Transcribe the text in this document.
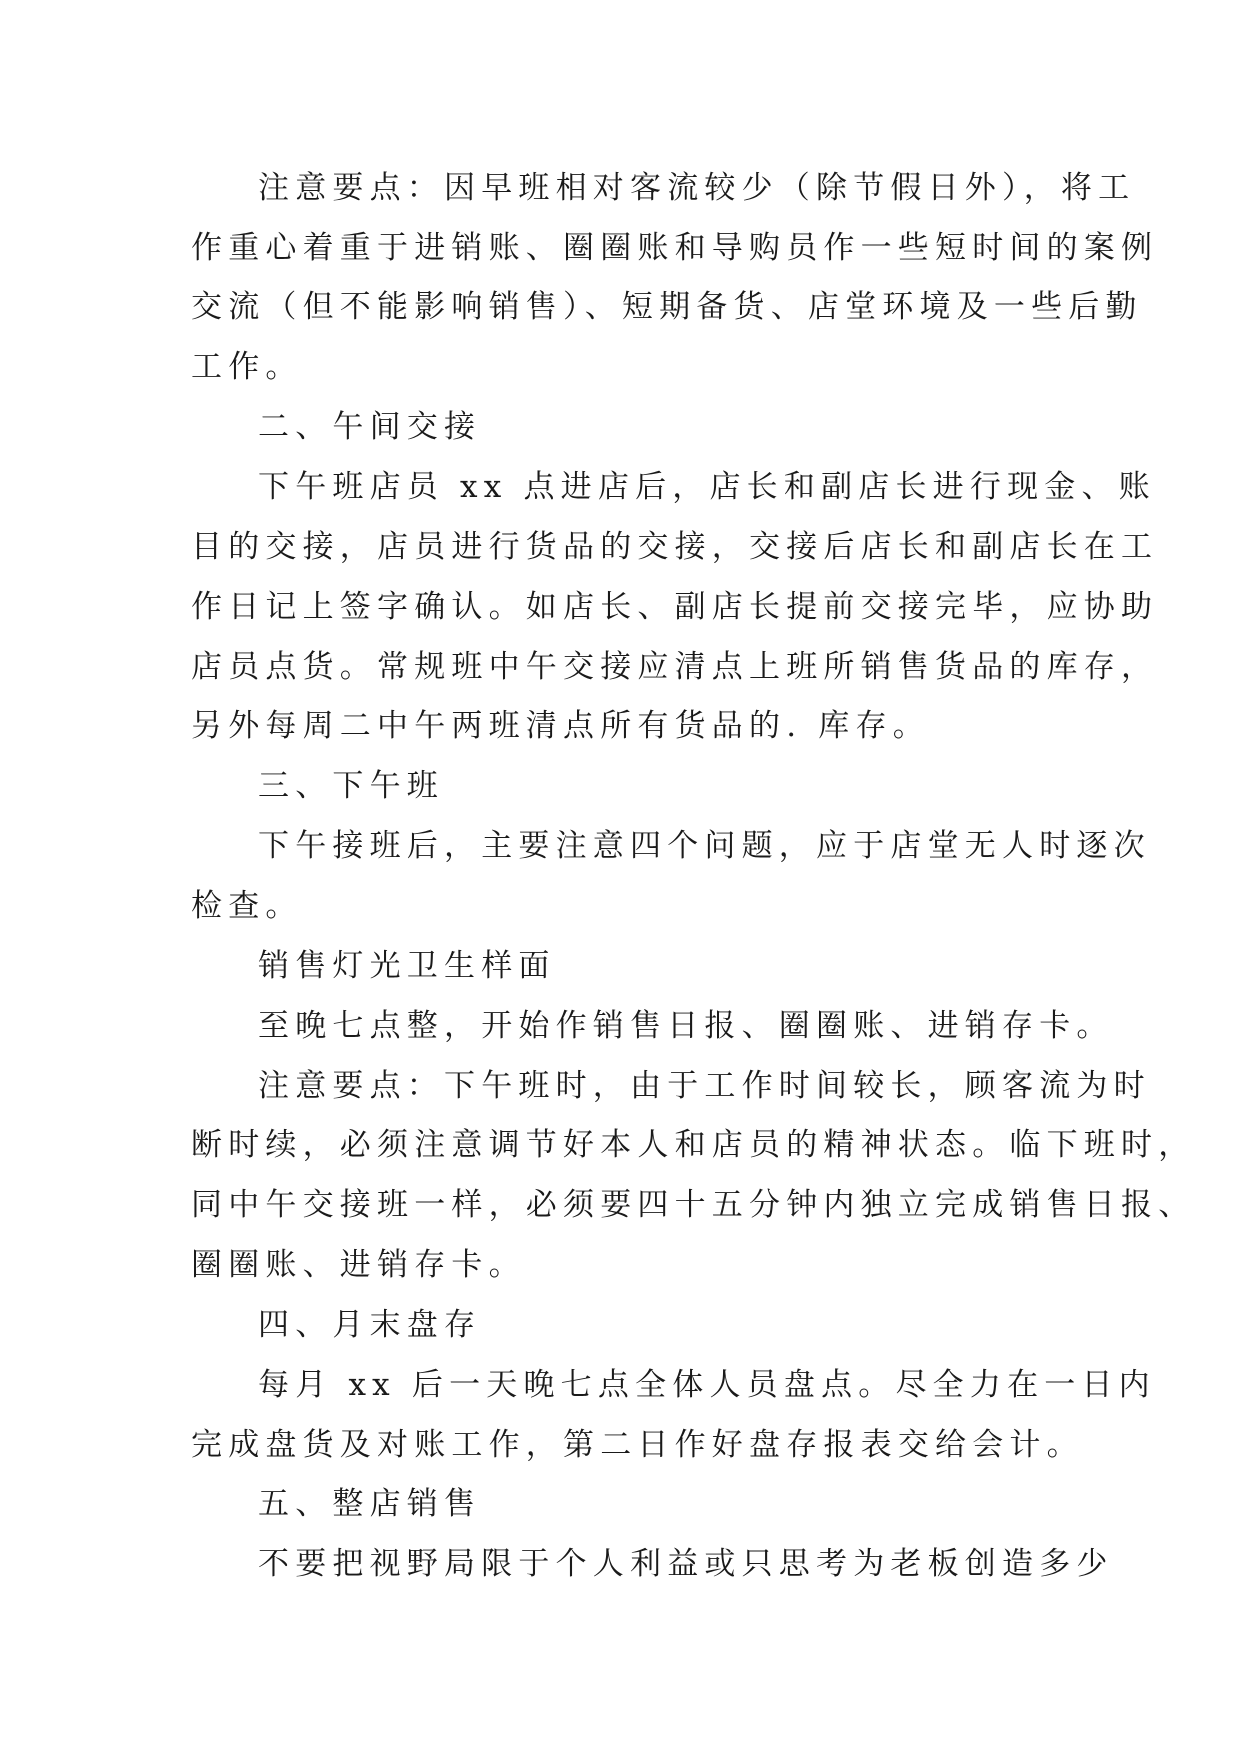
注意要点：因早班相对客流较少（除节假日外），将工
作重心着重于进销账、圈圈账和导购员作一些短时间的案例
交流（但不能影响销售）、短期备货、店堂环境及一些后勤
工作。
二、午间交接
下午班店员 xx 点进店后，店长和副店长进行现金、账
目的交接，店员进行货品的交接，交接后店长和副店长在工
作日记上签字确认。如店长、副店长提前交接完毕，应协助
店员点货。常规班中午交接应清点上班所销售货品的库存，
另外每周二中午两班清点所有货品的. 库存。
三、下午班
下午接班后，主要注意四个问题，应于店堂无人时逐次
检查。
销售灯光卫生样面
至晚七点整，开始作销售日报、圈圈账、进销存卡。
注意要点：下午班时，由于工作时间较长，顾客流为时
断时续，必须注意调节好本人和店员的精神状态。临下班时，
同中午交接班一样，必须要四十五分钟内独立完成销售日报、
圈圈账、进销存卡。
四、月末盘存
每月 xx 后一天晚七点全体人员盘点。尽全力在一日内
完成盘货及对账工作，第二日作好盘存报表交给会计。
五、整店销售
不要把视野局限于个人利益或只思考为老板创造多少
